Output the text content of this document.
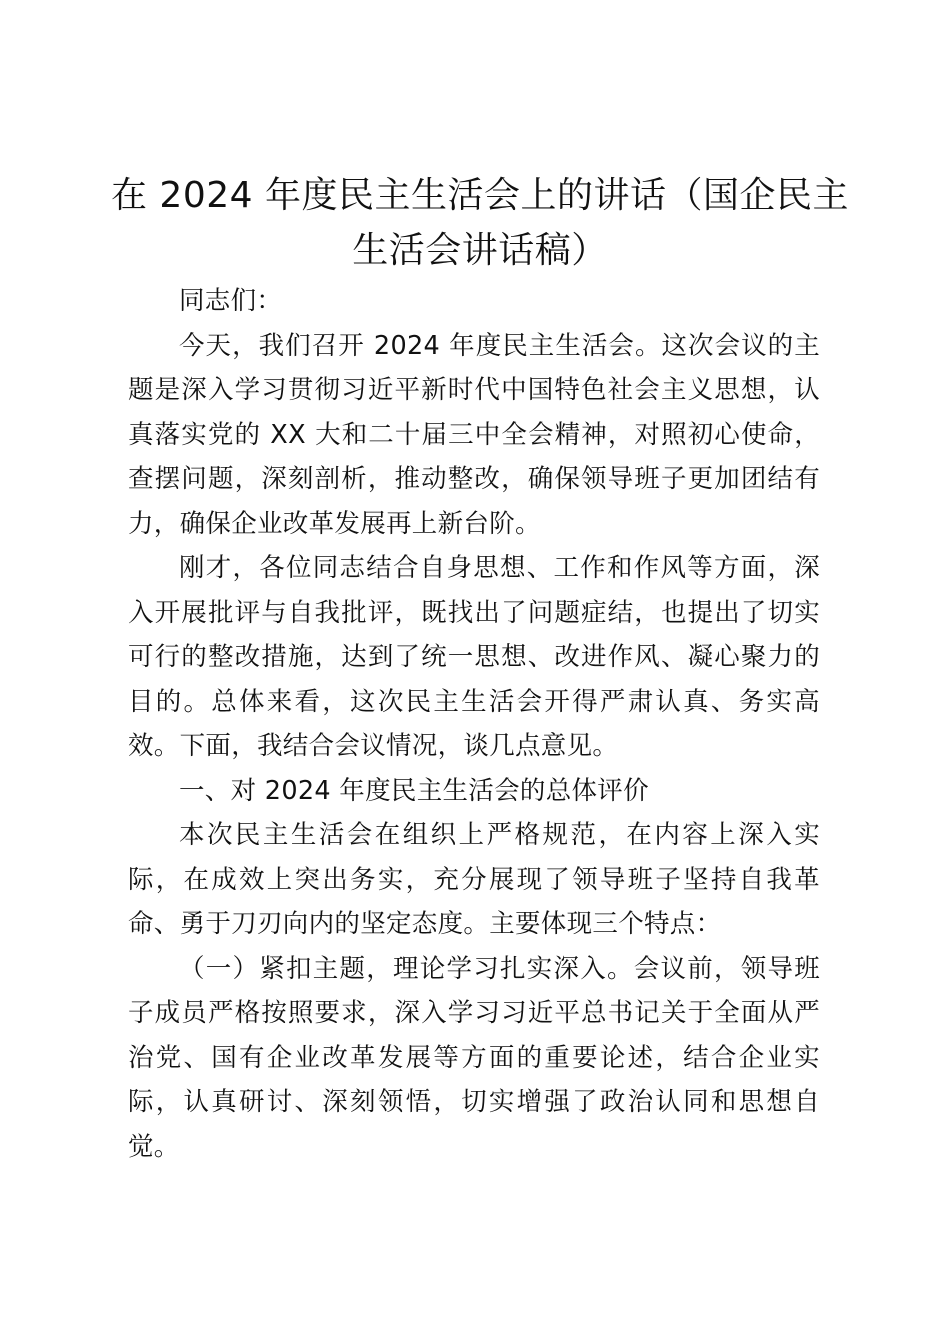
在 2024 年度民主生活会上的讲话（国企民主生活会讲话稿）

同志们：

今天，我们召开 2024 年度民主生活会。这次会议的主题是深入学习贯彻习近平新时代中国特色社会主义思想，认真落实党的 XX 大和二十届三中全会精神，对照初心使命，查摆问题，深刻剖析，推动整改，确保领导班子更加团结有力，确保企业改革发展再上新台阶。

刚才，各位同志结合自身思想、工作和作风等方面，深入开展批评与自我批评，既找出了问题症结，也提出了切实可行的整改措施，达到了统一思想、改进作风、凝心聚力的目的。总体来看，这次民主生活会开得严肃认真、务实高效。下面，我结合会议情况，谈几点意见。

一、对 2024 年度民主生活会的总体评价

本次民主生活会在组织上严格规范，在内容上深入实际，在成效上突出务实，充分展现了领导班子坚持自我革命、勇于刀刃向内的坚定态度。主要体现三个特点：

（一）紧扣主题，理论学习扎实深入。会议前，领导班子成员严格按照要求，深入学习习近平总书记关于全面从严治党、国有企业改革发展等方面的重要论述，结合企业实际，认真研讨、深刻领悟，切实增强了政治认同和思想自觉。
